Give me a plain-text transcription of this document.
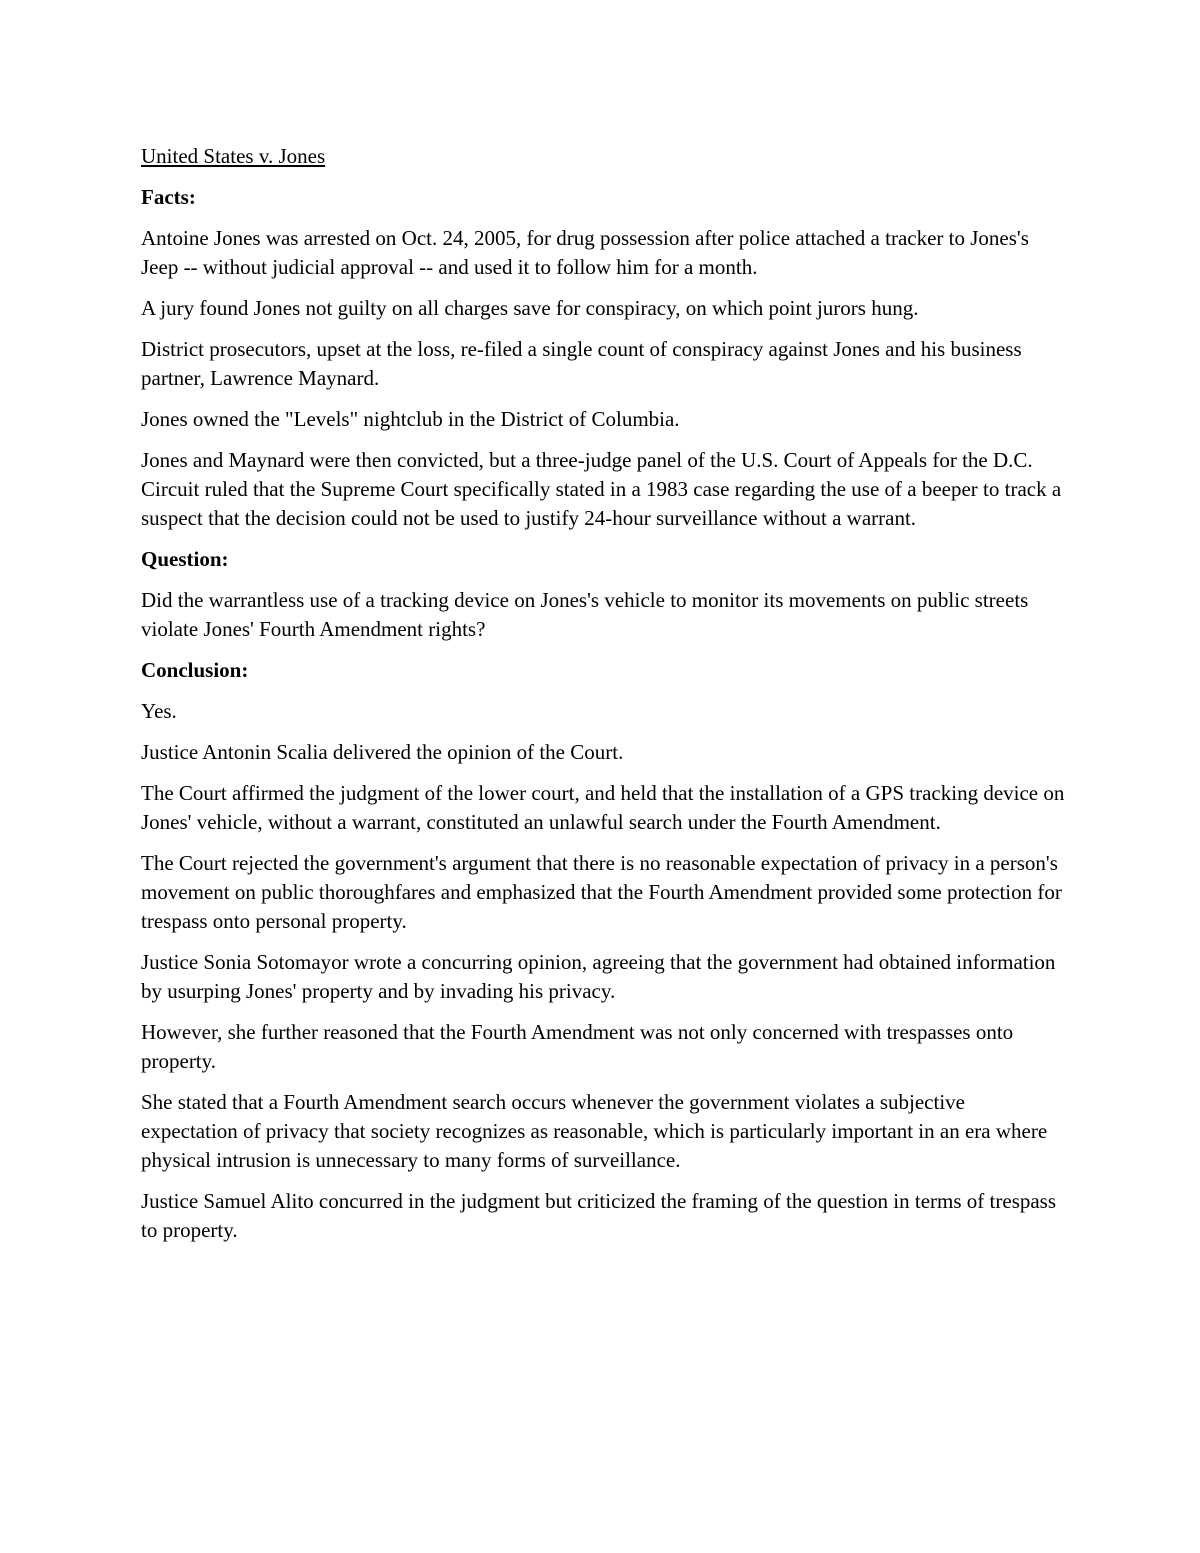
United States v. Jones

Facts:

Antoine Jones was arrested on Oct. 24, 2005, for drug possession after police attached a tracker to Jones's Jeep -- without judicial approval -- and used it to follow him for a month.

A jury found Jones not guilty on all charges save for conspiracy, on which point jurors hung.

District prosecutors, upset at the loss, re-filed a single count of conspiracy against Jones and his business partner, Lawrence Maynard.

Jones owned the "Levels" nightclub in the District of Columbia.

Jones and Maynard were then convicted, but a three-judge panel of the U.S. Court of Appeals for the D.C. Circuit ruled that the Supreme Court specifically stated in a 1983 case regarding the use of a beeper to track a suspect that the decision could not be used to justify 24-hour surveillance without a warrant.

Question:

Did the warrantless use of a tracking device on Jones's vehicle to monitor its movements on public streets violate Jones' Fourth Amendment rights?

Conclusion:

Yes.

Justice Antonin Scalia delivered the opinion of the Court.

The Court affirmed the judgment of the lower court, and held that the installation of a GPS tracking device on Jones' vehicle, without a warrant, constituted an unlawful search under the Fourth Amendment.

The Court rejected the government's argument that there is no reasonable expectation of privacy in a person's movement on public thoroughfares and emphasized that the Fourth Amendment provided some protection for trespass onto personal property.

Justice Sonia Sotomayor wrote a concurring opinion, agreeing that the government had obtained information by usurping Jones' property and by invading his privacy.

However, she further reasoned that the Fourth Amendment was not only concerned with trespasses onto property.

She stated that a Fourth Amendment search occurs whenever the government violates a subjective expectation of privacy that society recognizes as reasonable, which is particularly important in an era where physical intrusion is unnecessary to many forms of surveillance.

Justice Samuel Alito concurred in the judgment but criticized the framing of the question in terms of trespass to property.
